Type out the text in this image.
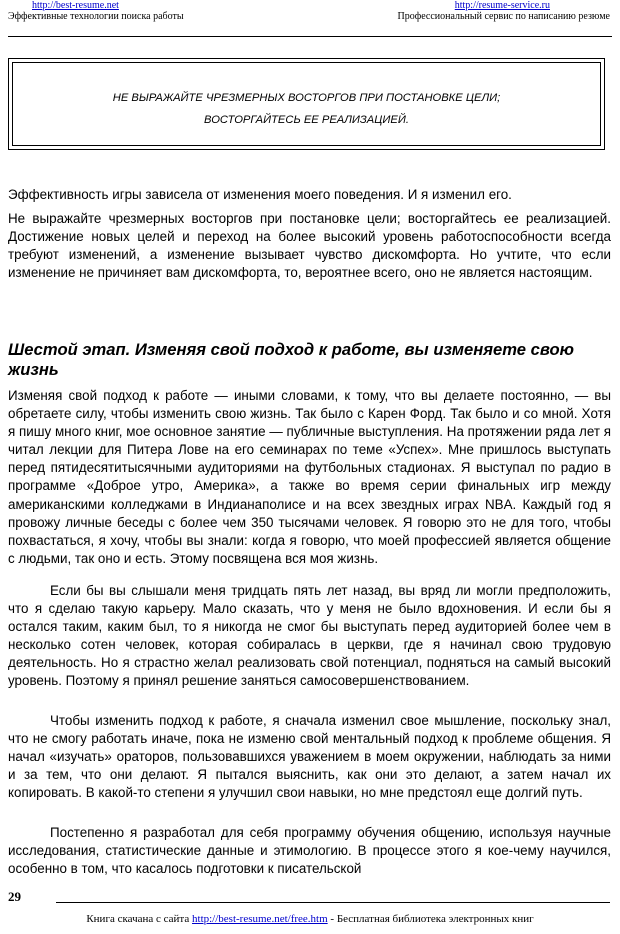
http://best-resume.net
Эффективные технологии поиска работы
http://resume-service.ru
Профессиональный сервис по написанию резюме
НЕ ВЫРАЖАЙТЕ ЧРЕЗМЕРНЫХ ВОСТОРГОВ ПРИ ПОСТАНОВКЕ ЦЕЛИ;
ВОСТОРГАЙТЕСЬ ЕЕ РЕАЛИЗАЦИЕЙ.

Эффективность игры зависела от изменения моего поведения. И я изменил его.

Не выражайте чрезмерных восторгов при постановке цели; восторгайтесь ее реализацией. Достижение новых целей и переход на более высокий уровень работоспособности всегда требуют изменений, а изменение вызывает чувство дискомфорта. Но учтите, что если изменение не причиняет вам дискомфорта, то, вероятнее всего, оно не является настоящим.

Шестой этап. Изменяя свой подход к работе, вы изменяете свою жизнь

Изменяя свой подход к работе — иными словами, к тому, что вы делаете постоянно, — вы обретаете силу, чтобы изменить свою жизнь. Так было с Карен Форд. Так было и со мной. Хотя я пишу много книг, мое основное занятие — публичные выступления. На протяжении ряда лет я читал лекции для Питера Лове на его семинарах по теме «Успех». Мне пришлось выступать перед пятидесятитысячными аудиториями на футбольных стадионах. Я выступал по радио в программе «Доброе утро, Америка», а также во время серии финальных игр между американскими колледжами в Индианаполисе и на всех звездных играх NBA. Каждый год я провожу личные беседы с более чем 350 тысячами человек. Я говорю это не для того, чтобы похвастаться, я хочу, чтобы вы знали: когда я говорю, что моей профессией является общение с людьми, так оно и есть. Этому посвящена вся моя жизнь.

Если бы вы слышали меня тридцать пять лет назад, вы вряд ли могли предположить, что я сделаю такую карьеру. Мало сказать, что у меня не было вдохновения. И если бы я остался таким, каким был, то я никогда не смог бы выступать перед аудиторией более чем в несколько сотен человек, которая собиралась в церкви, где я начинал свою трудовую деятельность. Но я страстно желал реализовать свой потенциал, подняться на самый высокий уровень. Поэтому я принял решение заняться самосовершенствованием.

Чтобы изменить подход к работе, я сначала изменил свое мышление, поскольку знал, что не смогу работать иначе, пока не изменю свой ментальный подход к проблеме общения. Я начал «изучать» ораторов, пользовавшихся уважением в моем окружении, наблюдать за ними и за тем, что они делают. Я пытался выяснить, как они это делают, а затем начал их копировать. В какой-то степени я улучшил свои навыки, но мне предстоял еще долгий путь.

Постепенно я разработал для себя программу обучения общению, используя научные исследования, статистические данные и этимологию. В процессе этого я кое-чему научился, особенно в том, что касалось подготовки к писательской

29
Книга скачана с сайта http://best-resume.net/free.htm - Бесплатная библиотека электронных книг
